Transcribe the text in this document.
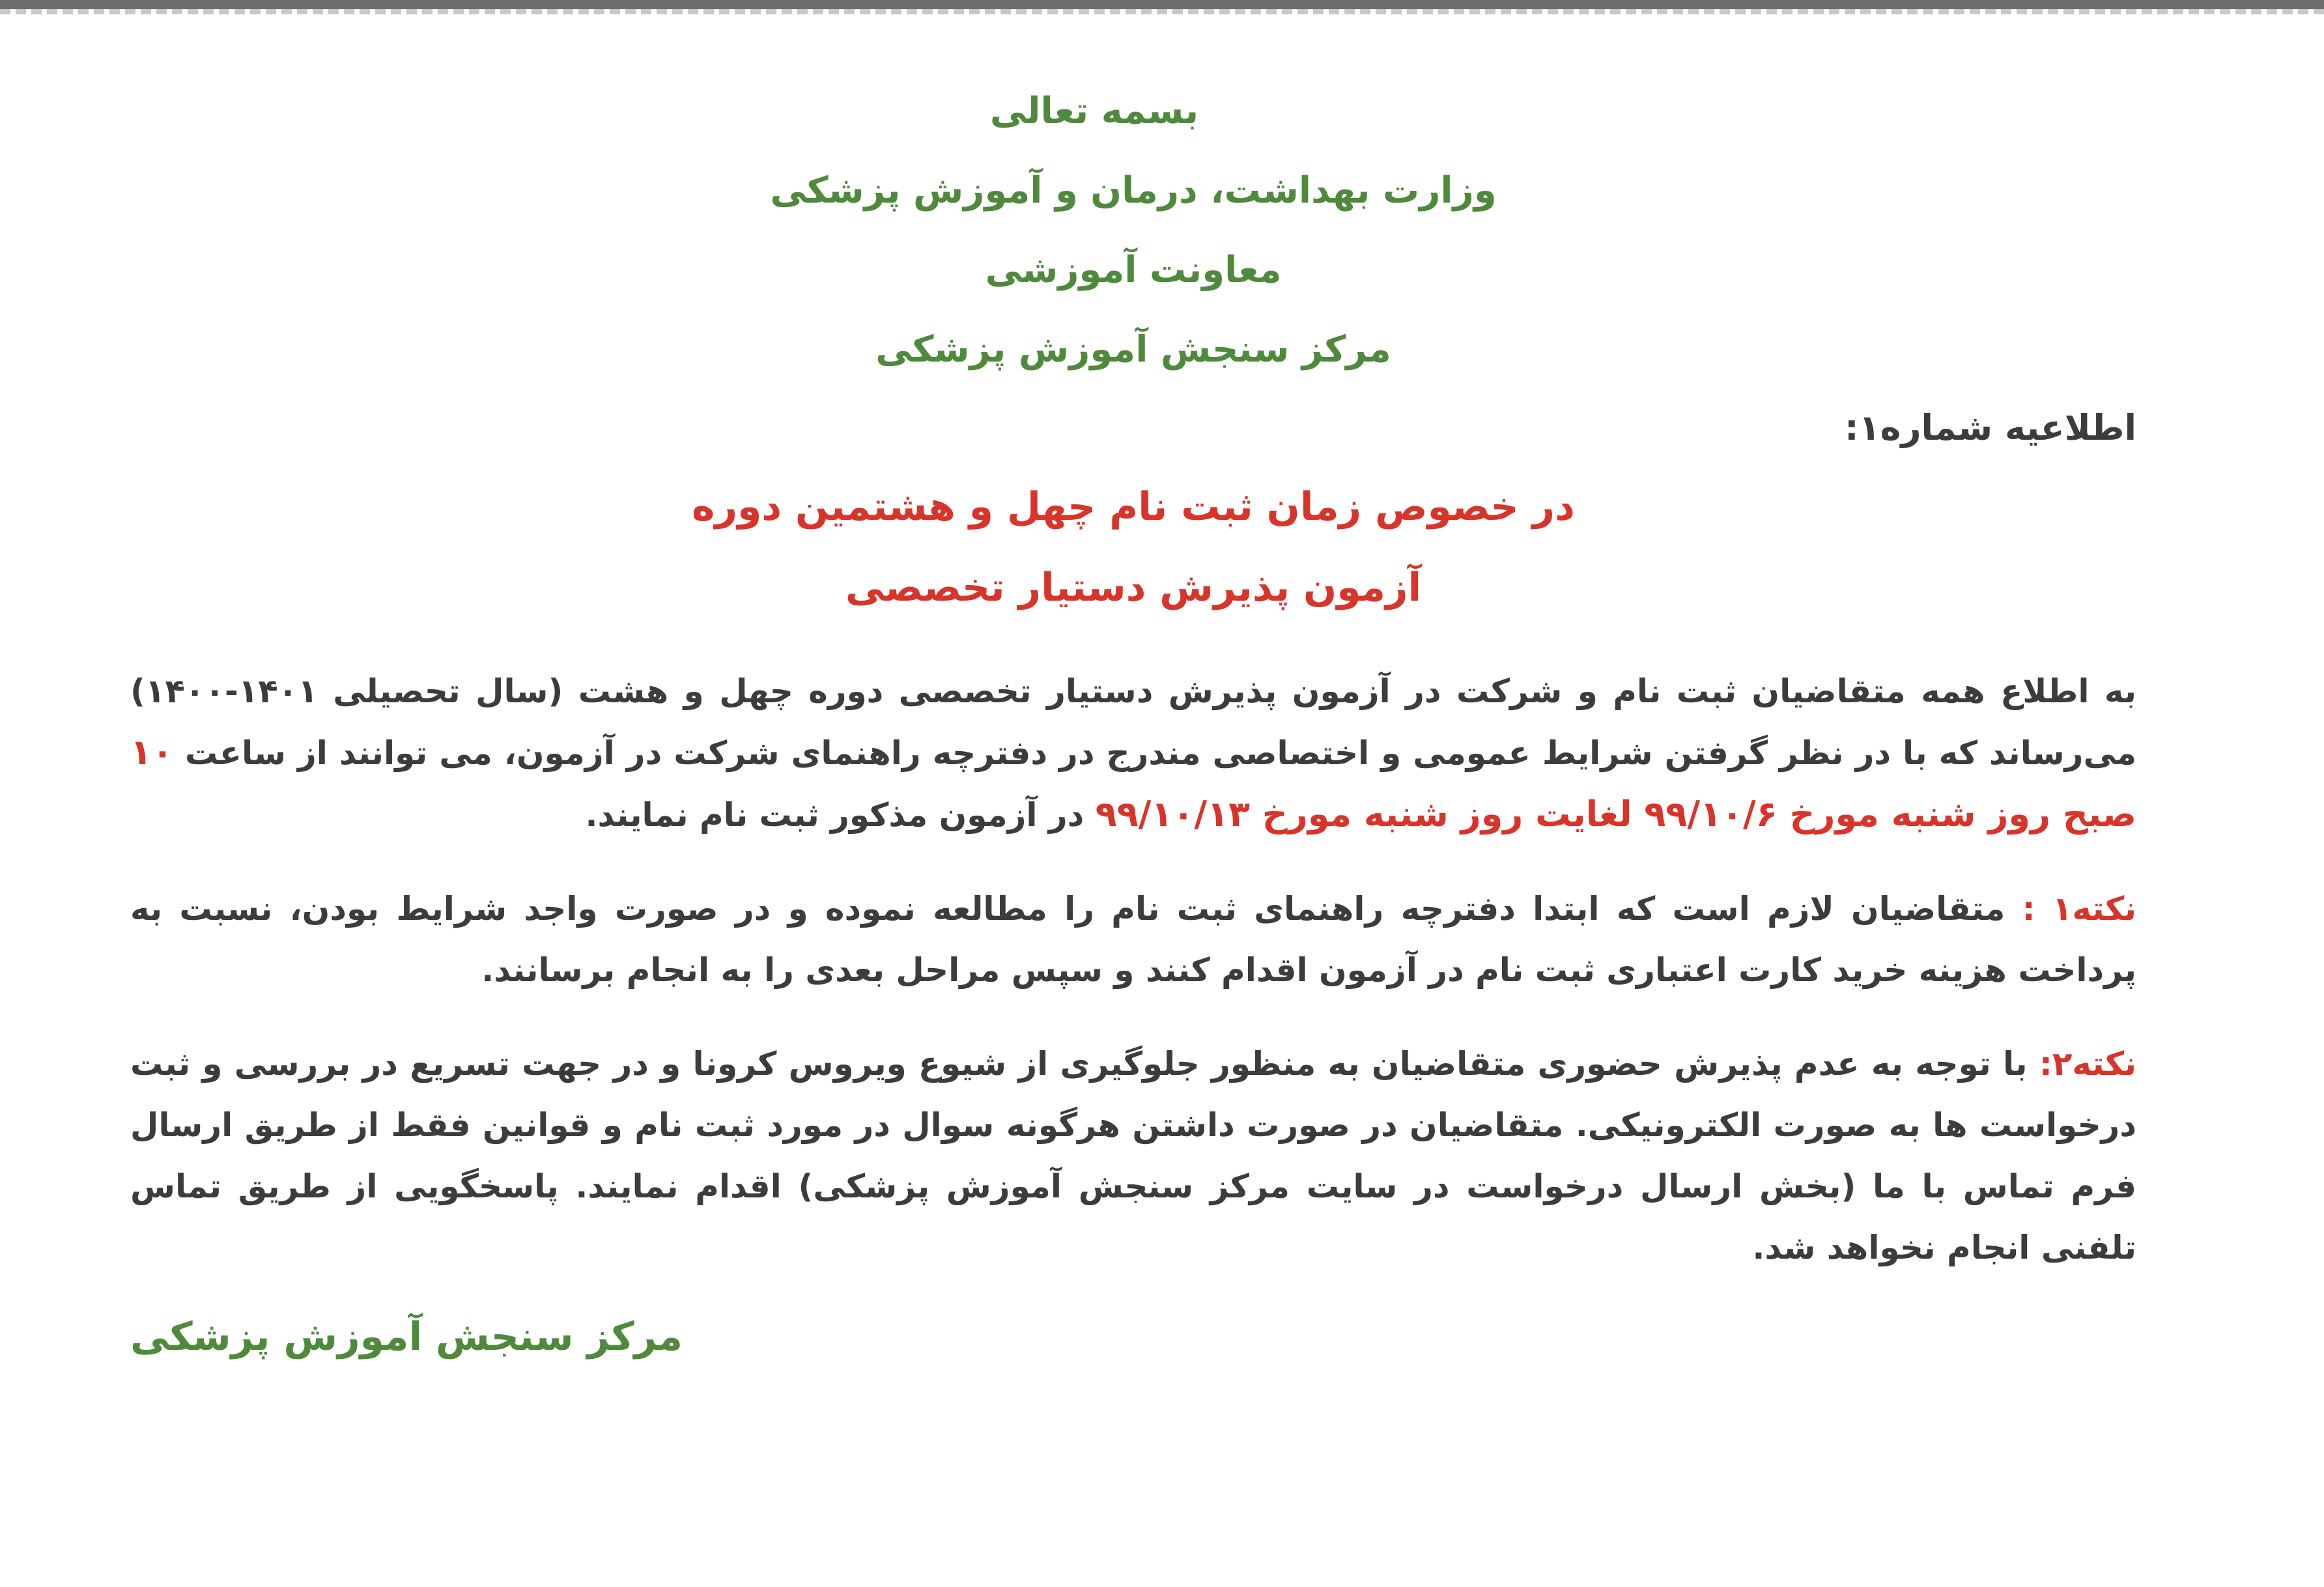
بسمه تعالی
وزارت بهداشت، درمان و آموزش پزشکی
معاونت آموزشی
مرکز سنجش آموزش پزشکی
اطلاعیه شماره۱:
در خصوص زمان ثبت نام چهل و هشتمین دوره
آزمون پذیرش دستیار تخصصی

به اطلاع همه متقاضیان ثبت نام و شرکت در آزمون پذیرش دستیار تخصصی دوره چهل و هشت (سال تحصیلی ۱۴۰۱-۱۴۰۰) می‌رساند که با در نظر گرفتن شرایط عمومی و اختصاصی مندرج در دفترچه راهنمای شرکت در آزمون، می توانند از ساعت ۱۰ صبح روز شنبه مورخ ۹۹/۱۰/۶ لغایت روز شنبه مورخ ۹۹/۱۰/۱۳ در آزمون مذکور ثبت نام نمایند.

نکته۱ : متقاضیان لازم است که ابتدا دفترچه راهنمای ثبت نام را مطالعه نموده و در صورت واجد شرایط بودن، نسبت به پرداخت هزینه خرید کارت اعتباری ثبت نام در آزمون اقدام کنند و سپس مراحل بعدی را به انجام برسانند.

نکته۲: با توجه به عدم پذیرش حضوری متقاضیان به منظور جلوگیری از شیوع ویروس کرونا و در جهت تسریع در بررسی و ثبت درخواست ها به صورت الکترونیکی. متقاضیان در صورت داشتن هرگونه سوال در مورد ثبت نام و قوانین فقط از طریق ارسال فرم تماس با ما (بخش ارسال درخواست در سایت مرکز سنجش آموزش پزشکی) اقدام نمایند. پاسخگویی از طریق تماس تلفنی انجام نخواهد شد.

مرکز سنجش آموزش پزشکی
